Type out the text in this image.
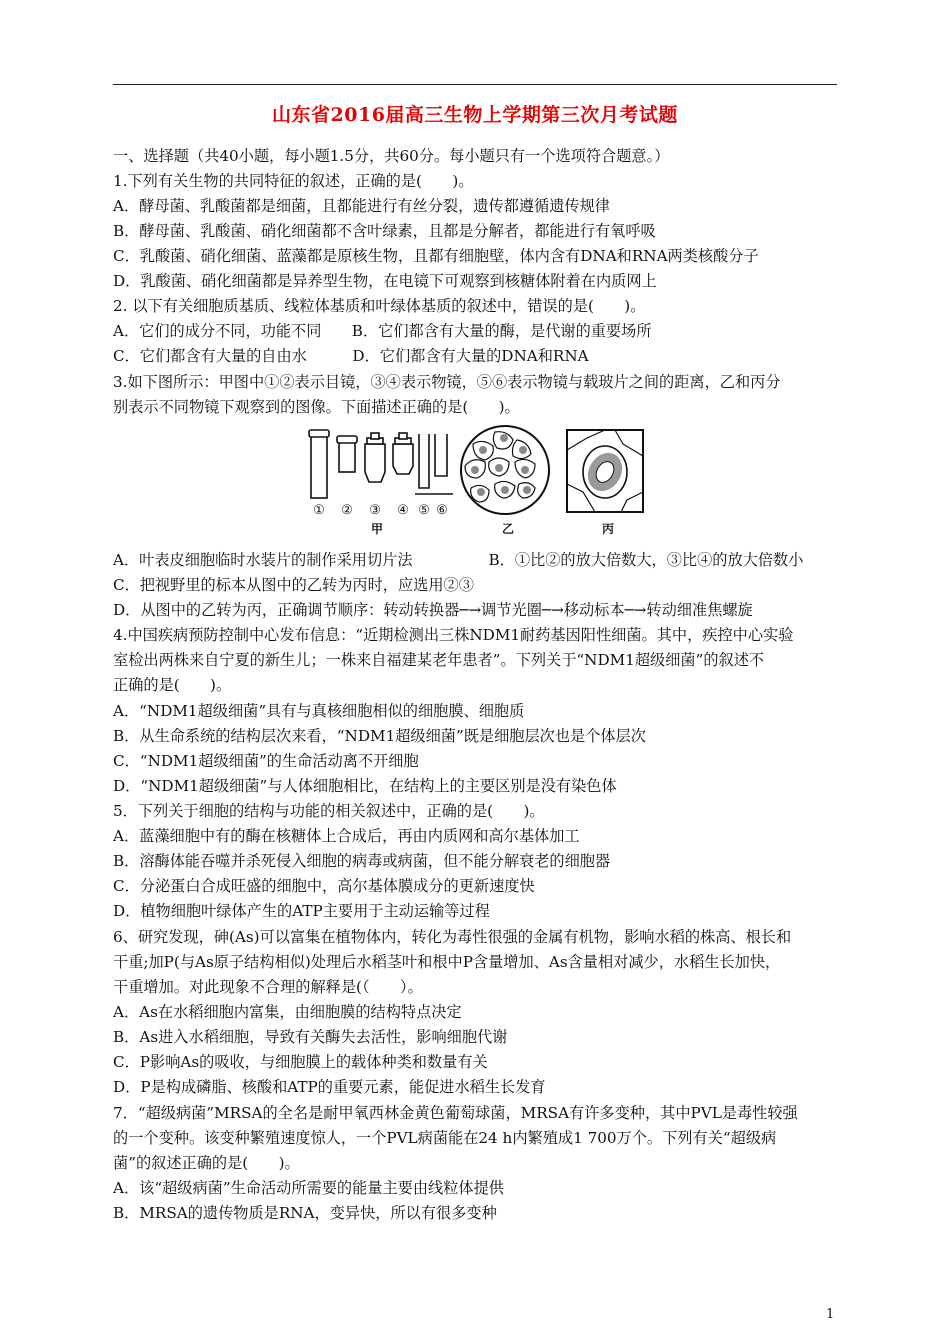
山东省2016届高三生物上学期第三次月考试题
一、选择题（共40小题，每小题1.5分，共60分。每小题只有一个选项符合题意。）
1.下列有关生物的共同特征的叙述，正确的是(　　)。
A．酵母菌、乳酸菌都是细菌，且都能进行有丝分裂，遗传都遵循遗传规律
B．酵母菌、乳酸菌、硝化细菌都不含叶绿素，且都是分解者，都能进行有氧呼吸
C．乳酸菌、硝化细菌、蓝藻都是原核生物，且都有细胞壁，体内含有DNA和RNA两类核酸分子
D．乳酸菌、硝化细菌都是异养型生物，在电镜下可观察到核糖体附着在内质网上
2. 以下有关细胞质基质、线粒体基质和叶绿体基质的叙述中，错误的是(　　)。
A．它们的成分不同，功能不同　　B．它们都含有大量的酶，是代谢的重要场所
C．它们都含有大量的自由水　　　D．它们都含有大量的DNA和RNA
3.如下图所示：甲图中①②表示目镜，③④表示物镜，⑤⑥表示物镜与载玻片之间的距离，乙和丙分
别表示不同物镜下观察到的图像。下面描述正确的是(　　)。
① ② ③ ④ ⑤ ⑥
甲	乙	丙
A．叶表皮细胞临时水装片的制作采用切片法　　　　　B．①比②的放大倍数大，③比④的放大倍数小
C．把视野里的标本从图中的乙转为丙时，应选用②③
D．从图中的乙转为丙，正确调节顺序：转动转换器─→调节光圈─→移动标本─→转动细准焦螺旋
4.中国疾病预防控制中心发布信息：“近期检测出三株NDM1耐药基因阳性细菌。其中，疾控中心实验
室检出两株来自宁夏的新生儿；一株来自福建某老年患者”。下列关于“NDM1超级细菌”的叙述不
正确的是(　　)。
A．“NDM1超级细菌”具有与真核细胞相似的细胞膜、细胞质
B．从生命系统的结构层次来看，“NDM1超级细菌”既是细胞层次也是个体层次
C．“NDM1超级细菌”的生命活动离不开细胞
D．“NDM1超级细菌”与人体细胞相比，在结构上的主要区别是没有染色体
5．下列关于细胞的结构与功能的相关叙述中，正确的是(　　)。
A．蓝藻细胞中有的酶在核糖体上合成后，再由内质网和高尔基体加工
B．溶酶体能吞噬并杀死侵入细胞的病毒或病菌，但不能分解衰老的细胞器
C．分泌蛋白合成旺盛的细胞中，高尔基体膜成分的更新速度快
D．植物细胞叶绿体产生的ATP主要用于主动运输等过程
6、研究发现，砷(As)可以富集在植物体内，转化为毒性很强的金属有机物，影响水稻的株高、根长和
干重;加P(与As原子结构相似)处理后水稻茎叶和根中P含量增加、As含量相对减少，水稻生长加快，
干重增加。对此现象不合理的解释是(（　　）。
A．As在水稻细胞内富集，由细胞膜的结构特点决定
B．As进入水稻细胞，导致有关酶失去活性，影响细胞代谢
C．P影响As的吸收，与细胞膜上的载体种类和数量有关
D．P是构成磷脂、核酸和ATP的重要元素，能促进水稻生长发育
7．“超级病菌”MRSA的全名是耐甲氧西林金黄色葡萄球菌，MRSA有许多变种，其中PVL是毒性较强
的一个变种。该变种繁殖速度惊人，一个PVL病菌能在24 h内繁殖成1 700万个。下列有关“超级病
菌”的叙述正确的是(　　)。
A．该“超级病菌”生命活动所需要的能量主要由线粒体提供
B．MRSA的遗传物质是RNA，变异快，所以有很多变种
1
